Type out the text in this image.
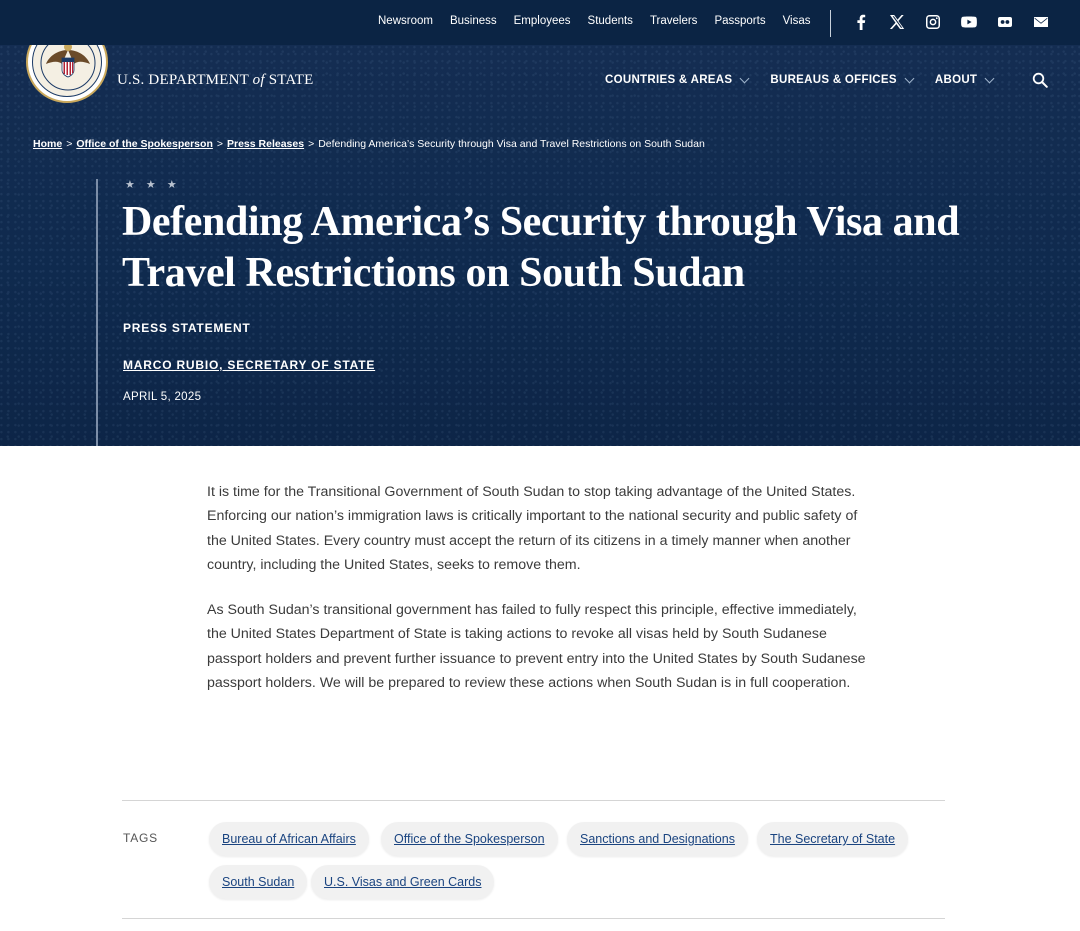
Newsroom Business Employees Students Travelers Passports Visas
U.S. DEPARTMENT of STATE	COUNTRIES & AREAS	BUREAUS & OFFICES	ABOUT
Home > Office of the Spokesperson > Press Releases > Defending America’s Security through Visa and Travel Restrictions on South Sudan
★ ★ ★
Defending America’s Security through Visa and Travel Restrictions on South Sudan
PRESS STATEMENT
MARCO RUBIO, SECRETARY OF STATE
APRIL 5, 2025

It is time for the Transitional Government of South Sudan to stop taking advantage of the United States. Enforcing our nation’s immigration laws is critically important to the national security and public safety of the United States. Every country must accept the return of its citizens in a timely manner when another country, including the United States, seeks to remove them.

As South Sudan’s transitional government has failed to fully respect this principle, effective immediately, the United States Department of State is taking actions to revoke all visas held by South Sudanese passport holders and prevent further issuance to prevent entry into the United States by South Sudanese passport holders. We will be prepared to review these actions when South Sudan is in full cooperation.

TAGS	Bureau of African Affairs	Office of the Spokesperson	Sanctions and Designations	The Secretary of State
South Sudan	U.S. Visas and Green Cards
